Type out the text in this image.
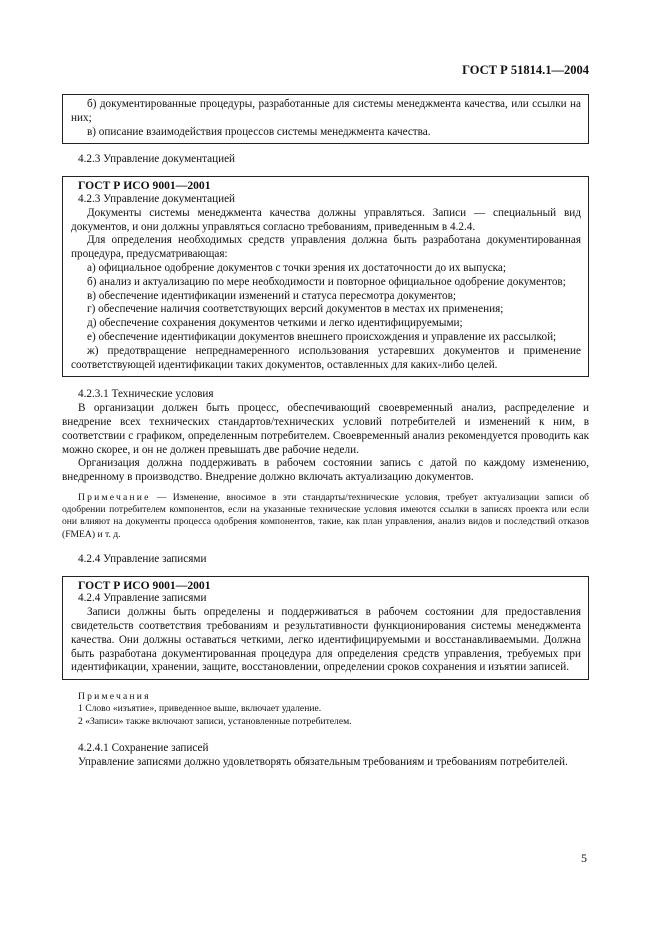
ГОСТ Р 51814.1—2004

б) документированные процедуры, разработанные для системы менеджмента качества, или ссылки на них;

в) описание взаимодействия процессов системы менеджмента качества.

4.2.3 Управление документацией
ГОСТ Р ИСО 9001—2001
4.2.3 Управление документацией

Документы системы менеджмента качества должны управляться. Записи — специальный вид документов, и они должны управляться согласно требованиям, приведенным в 4.2.4.

Для определения необходимых средств управления должна быть разработана документированная процедура, предусматривающая:

а) официальное одобрение документов с точки зрения их достаточности до их выпуска;

б) анализ и актуализацию по мере необходимости и повторное официальное одобрение документов;

в) обеспечение идентификации изменений и статуса пересмотра документов;

г) обеспечение наличия соответствующих версий документов в местах их применения;

д) обеспечение сохранения документов четкими и легко идентифицируемыми;

е) обеспечение идентификации документов внешнего происхождения и управление их рассылкой;

ж) предотвращение непреднамеренного использования устаревших документов и применение соответствующей идентификации таких документов, оставленных для каких-либо целей.

4.2.3.1 Технические условия

В организации должен быть процесс, обеспечивающий своевременный анализ, распределение и внедрение всех технических стандартов/технических условий потребителей и изменений к ним, в соответствии с графиком, определенным потребителем. Своевременный анализ рекомендуется проводить как можно скорее, и он не должен превышать две рабочие недели.

Организация должна поддерживать в рабочем состоянии запись с датой по каждому изменению, внедренному в производство. Внедрение должно включать актуализацию документов.

Примечание — Изменение, вносимое в эти стандарты/технические условия, требует актуализации записи об одобрении потребителем компонентов, если на указанные технические условия имеются ссылки в записях проекта или если они влияют на документы процесса одобрения компонентов, такие, как план управления, анализ видов и последствий отказов (FMEA) и т. д.

4.2.4 Управление записями
ГОСТ Р ИСО 9001—2001
4.2.4 Управление записями

Записи должны быть определены и поддерживаться в рабочем состоянии для предоставления свидетельств соответствия требованиям и результативности функционирования системы менеджмента качества. Они должны оставаться четкими, легко идентифицируемыми и восстанавливаемыми. Должна быть разработана документированная процедура для определения средств управления, требуемых при идентификации, хранении, защите, восстановлении, определении сроков сохранения и изъятии записей.

Примечания

1 Слово «изъятие», приведенное выше, включает удаление.

2 «Записи» также включают записи, установленные потребителем.

4.2.4.1 Сохранение записей

Управление записями должно удовлетворять обязательным требованиям и требованиям потребителей.

5
